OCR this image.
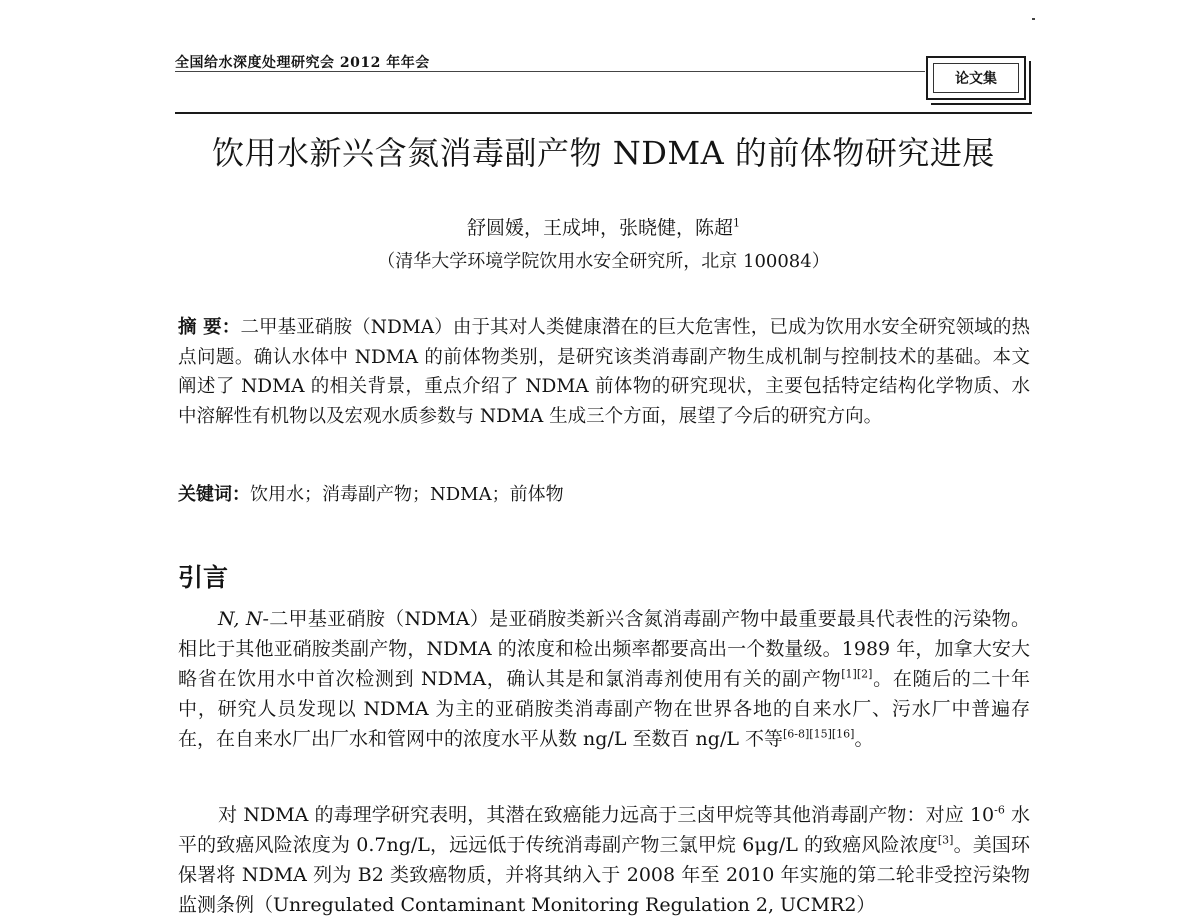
全国给水深度处理研究会 2012 年年会
论文集
饮用水新兴含氮消毒副产物 NDMA 的前体物研究进展
舒圆媛，王成坤，张晓健，陈超$^1$
（清华大学环境学院饮用水安全研究所，北京 100084）
摘 要：二甲基亚硝胺（NDMA）由于其对人类健康潜在的巨大危害性，已成为饮用水安全研究领域的热点问题。确认水体中 NDMA 的前体物类别，是研究该类消毒副产物生成机制与控制技术的基础。本文阐述了 NDMA 的相关背景，重点介绍了 NDMA 前体物的研究现状，主要包括特定结构化学物质、水中溶解性有机物以及宏观水质参数与 NDMA 生成三个方面，展望了今后的研究方向。
关键词：饮用水；消毒副产物；NDMA；前体物
引言
N, N-二甲基亚硝胺（NDMA）是亚硝胺类新兴含氮消毒副产物中最重要最具代表性的污染物。相比于其他亚硝胺类副产物，NDMA 的浓度和检出频率都要高出一个数量级。1989 年，加拿大安大略省在饮用水中首次检测到 NDMA，确认其是和氯消毒剂使用有关的副产物[1][2]。在随后的二十年中，研究人员发现以 NDMA 为主的亚硝胺类消毒副产物在世界各地的自来水厂、污水厂中普遍存在，在自来水厂出厂水和管网中的浓度水平从数 ng/L 至数百 ng/L 不等[6-8][15][16]。
对 NDMA 的毒理学研究表明，其潜在致癌能力远高于三卤甲烷等其他消毒副产物：对应 $10^{-6}$ 水平的致癌风险浓度为 0.7ng/L，远远低于传统消毒副产物三氯甲烷 6μg/L 的致癌风险浓度[3]。美国环保署将 NDMA 列为 B2 类致癌物质，并将其纳入于 2008 年至 2010 年实施的第二轮非受控污染物监测条例（Unregulated Contaminant Monitoring Regulation 2, UCMR2）
